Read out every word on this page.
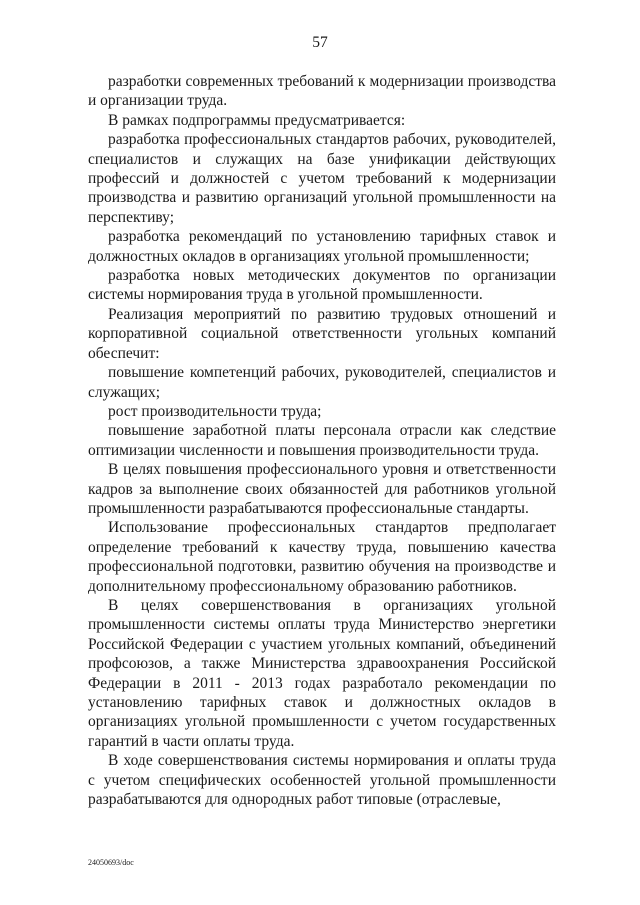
57

разработки современных требований к модернизации производства и организации труда.

В рамках подпрограммы предусматривается:

разработка профессиональных стандартов рабочих, руководителей, специалистов и служащих на базе унификации действующих профессий и должностей с учетом требований к модернизации производства и развитию организаций угольной промышленности на перспективу;

разработка рекомендаций по установлению тарифных ставок и должностных окладов в организациях угольной промышленности;

разработка новых методических документов по организации системы нормирования труда в угольной промышленности.

Реализация мероприятий по развитию трудовых отношений и корпоративной социальной ответственности угольных компаний обеспечит:

повышение компетенций рабочих, руководителей, специалистов и служащих;

рост производительности труда;

повышение заработной платы персонала отрасли как следствие оптимизации численности и повышения производительности труда.

В целях повышения профессионального уровня и ответственности кадров за выполнение своих обязанностей для работников угольной промышленности разрабатываются профессиональные стандарты.

Использование профессиональных стандартов предполагает определение требований к качеству труда, повышению качества профессиональной подготовки, развитию обучения на производстве и дополнительному профессиональному образованию работников.

В целях совершенствования в организациях угольной промышленности системы оплаты труда Министерство энергетики Российской Федерации с участием угольных компаний, объединений профсоюзов, а также Министерства здравоохранения Российской Федерации в 2011 - 2013 годах разработало рекомендации по установлению тарифных ставок и должностных окладов в организациях угольной промышленности с учетом государственных гарантий в части оплаты труда.

В ходе совершенствования системы нормирования и оплаты труда с учетом специфических особенностей угольной промышленности разрабатываются для однородных работ типовые (отраслевые,

24050693/doc
